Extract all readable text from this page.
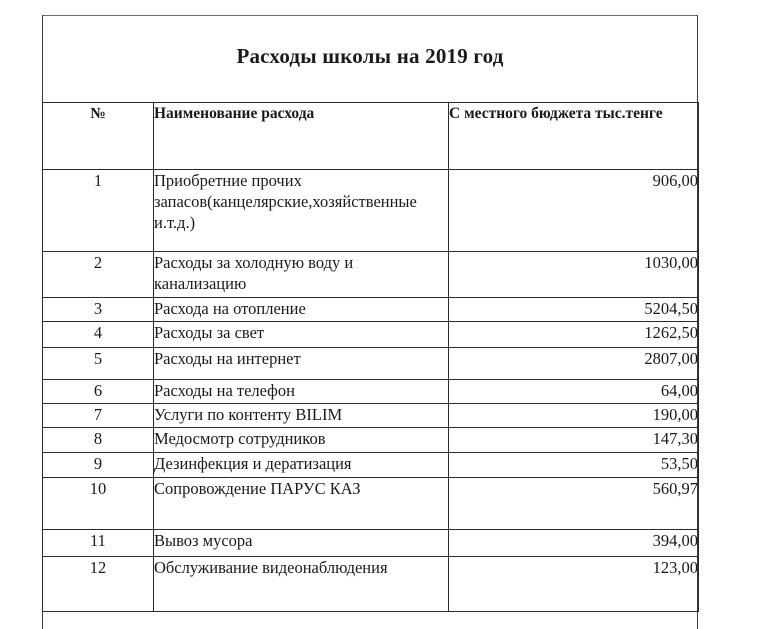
Расходы школы на 2019 год
№	Наименование расхода	С местного бюджета тыс.тенге
1	Приобретние прочих запасов(канцелярские,хозяйственные и.т.д.)	906,00
2	Расходы за холодную воду и канализацию	1030,00
3	Расхода на отопление	5204,50
4	Расходы за свет	1262,50
5	Расходы на интернет	2807,00
6	Расходы на телефон	64,00
7	Услуги по контенту BILIM	190,00
8	Медосмотр сотрудников	147,30
9	Дезинфекция и дератизация	53,50
10	Сопровождение ПАРУС КАЗ	560,97
11	Вывоз мусора	394,00
12	Обслуживание видеонаблюдения	123,00
